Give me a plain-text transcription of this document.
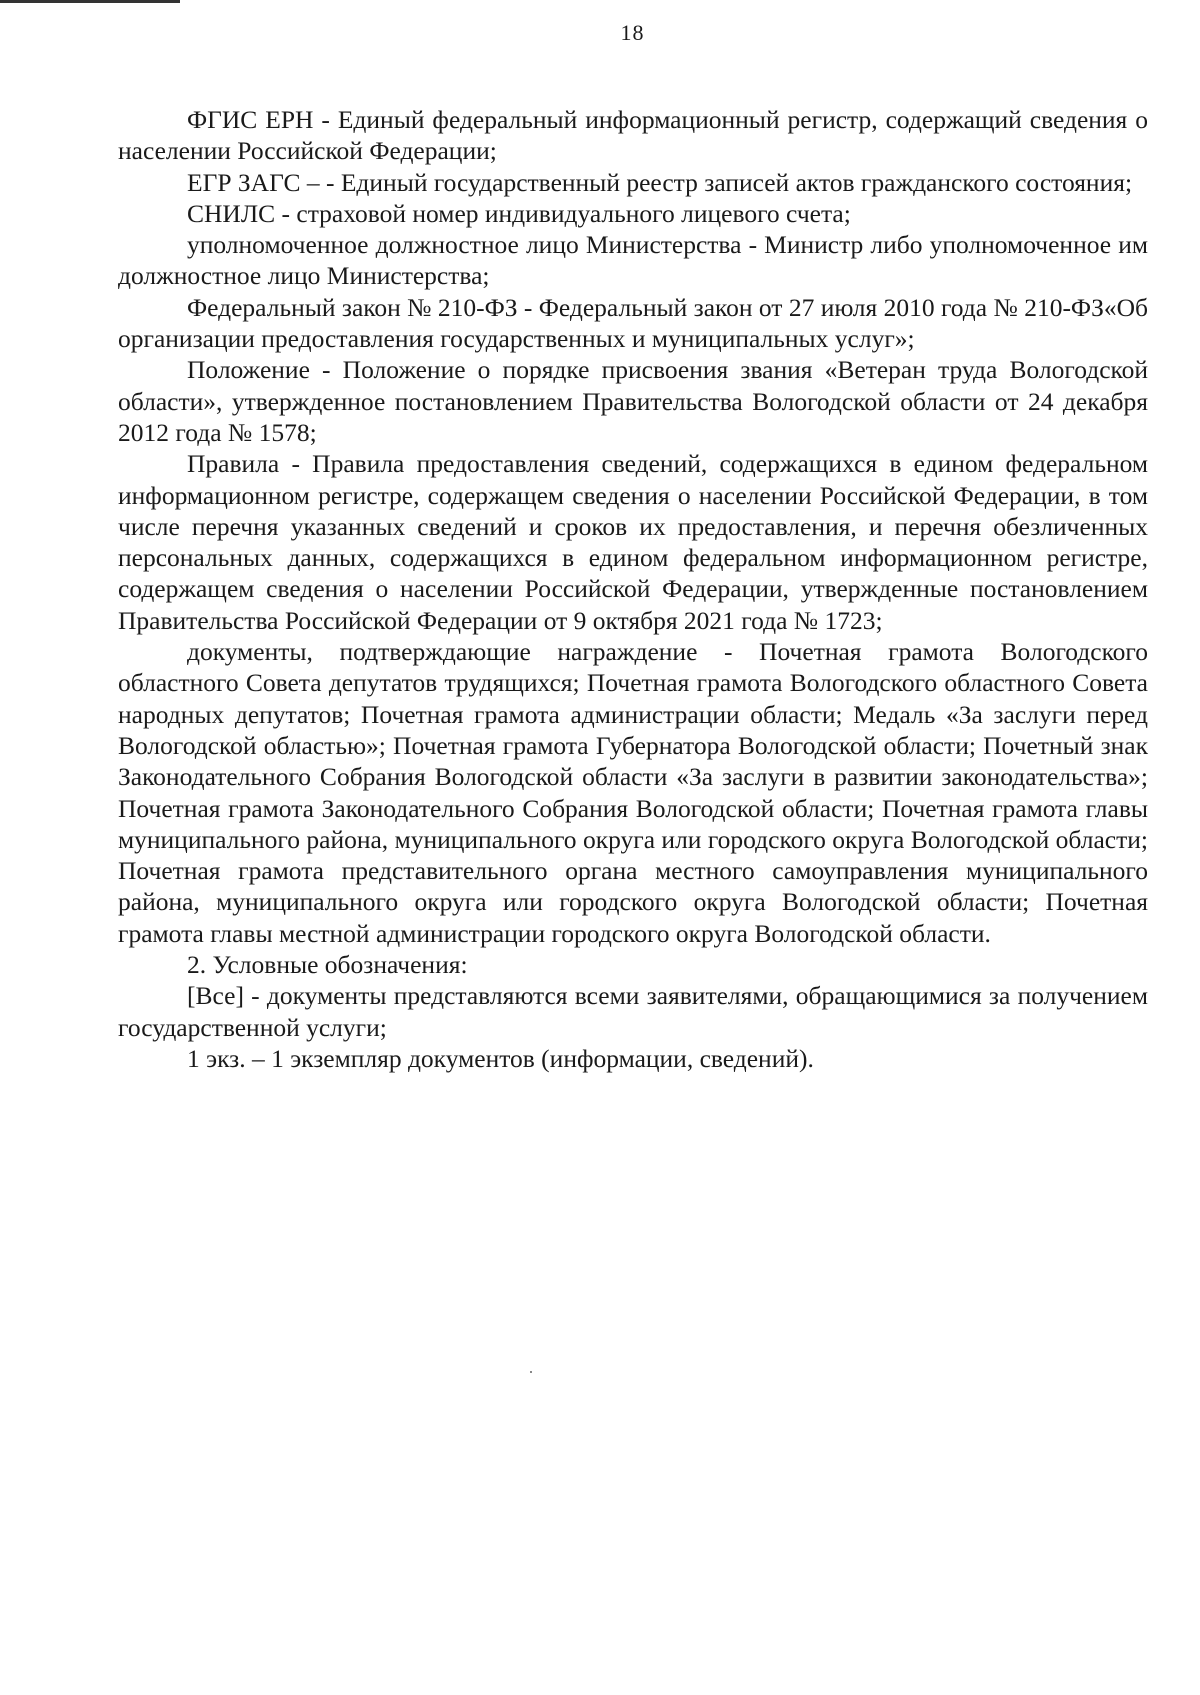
18

ФГИС ЕРН - Единый федеральный информационный регистр, содержащий сведения о населении Российской Федерации;

ЕГР ЗАГС – - Единый государственный реестр записей актов гражданского состояния;

СНИЛС - страховой номер индивидуального лицевого счета;

уполномоченное должностное лицо Министерства - Министр либо уполномоченное им должностное лицо Министерства;

Федеральный закон № 210-ФЗ - Федеральный закон от 27 июля 2010 года № 210-ФЗ«Об организации предоставления государственных и муниципальных услуг»;

Положение - Положение о порядке присвоения звания «Ветеран труда Вологодской области», утвержденное постановлением Правительства Вологодской области от 24 декабря 2012 года № 1578;

Правила - Правила предоставления сведений, содержащихся в едином федеральном информационном регистре, содержащем сведения о населении Российской Федерации, в том числе перечня указанных сведений и сроков их предоставления, и перечня обезличенных персональных данных, содержащихся в едином федеральном информационном регистре, содержащем сведения о населении Российской Федерации, утвержденные постановлением Правительства Российской Федерации от 9 октября 2021 года № 1723;

документы, подтверждающие награждение - Почетная грамота Вологодского областного Совета депутатов трудящихся; Почетная грамота Вологодского областного Совета народных депутатов; Почетная грамота администрации области; Медаль «За заслуги перед Вологодской областью»; Почетная грамота Губернатора Вологодской области; Почетный знак Законодательного Собрания Вологодской области «За заслуги в развитии законодательства»; Почетная грамота Законодательного Собрания Вологодской области; Почетная грамота главы муниципального района, муниципального округа или городского округа Вологодской области; Почетная грамота представительного органа местного самоуправления муниципального района, муниципального округа или городского округа Вологодской области; Почетная грамота главы местной администрации городского округа Вологодской области.

2. Условные обозначения:

[Все] - документы представляются всеми заявителями, обращающимися за получением государственной услуги;

1 экз. – 1 экземпляр документов (информации, сведений).
